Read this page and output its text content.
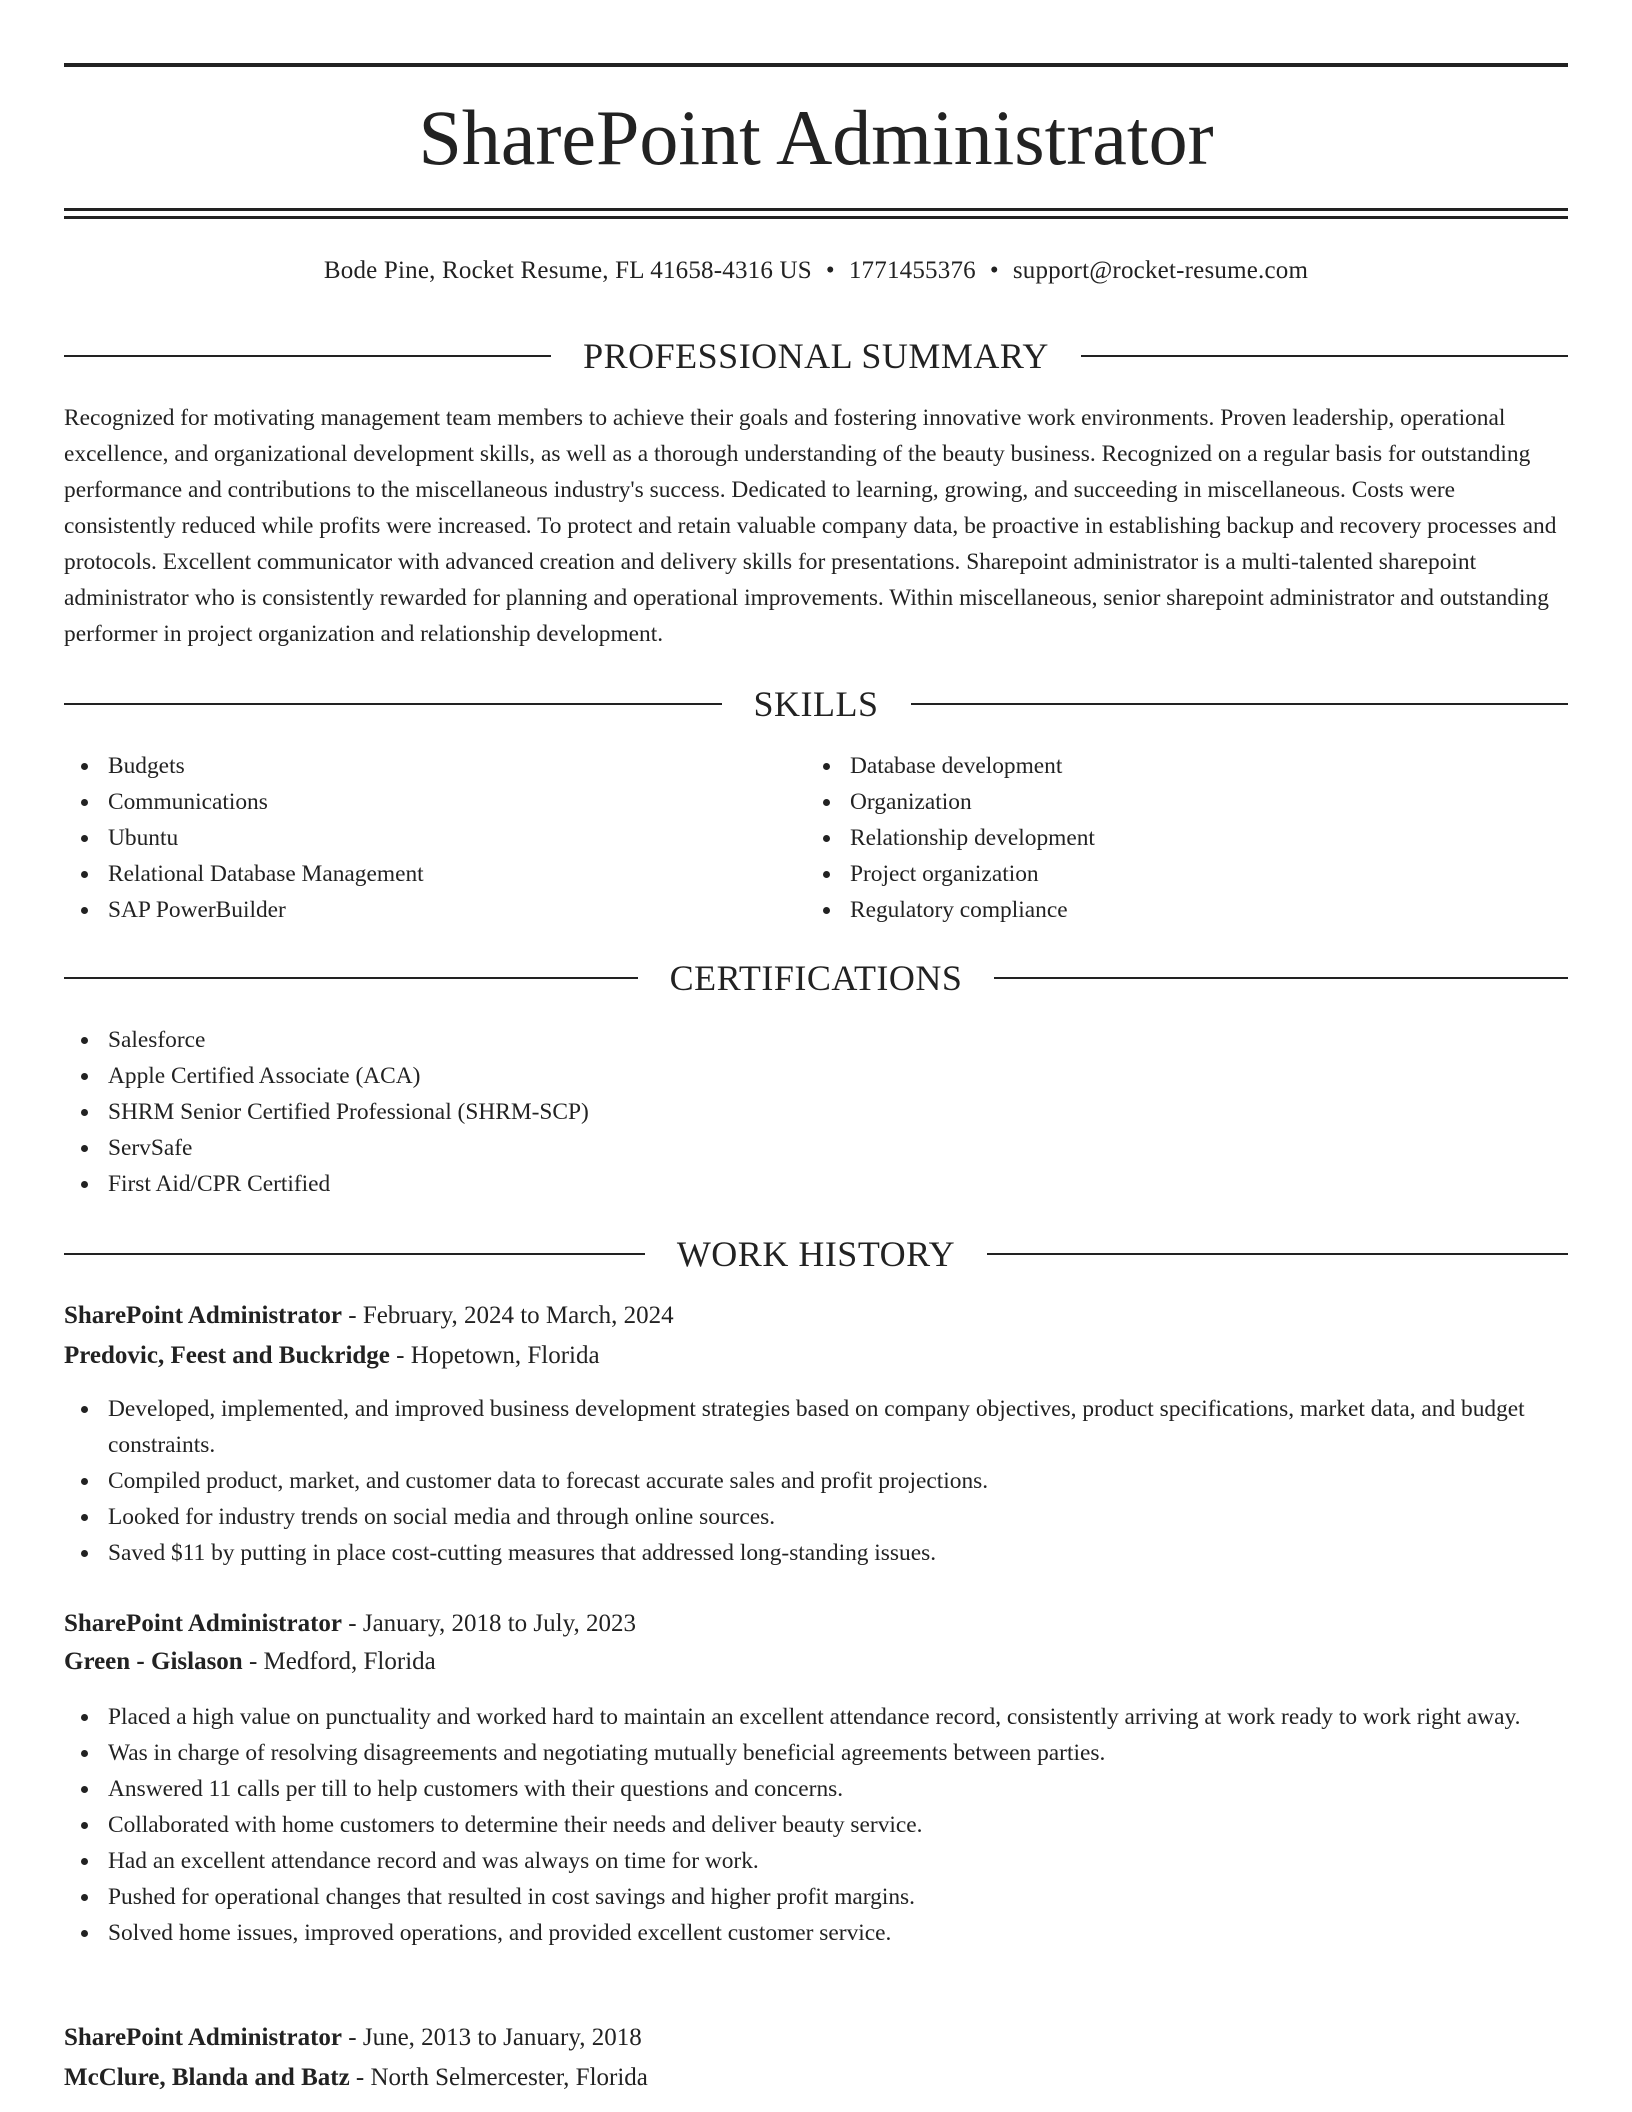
SharePoint Administrator
Bode Pine, Rocket Resume, FL 41658-4316 US • 1771455376 • support@rocket-resume.com
PROFESSIONAL SUMMARY

Recognized for motivating management team members to achieve their goals and fostering innovative work environments. Proven leadership, operational excellence, and organizational development skills, as well as a thorough understanding of the beauty business. Recognized on a regular basis for outstanding performance and contributions to the miscellaneous industry's success. Dedicated to learning, growing, and succeeding in miscellaneous. Costs were consistently reduced while profits were increased. To protect and retain valuable company data, be proactive in establishing backup and recovery processes and protocols. Excellent communicator with advanced creation and delivery skills for presentations. Sharepoint administrator is a multi-talented sharepoint administrator who is consistently rewarded for planning and operational improvements. Within miscellaneous, senior sharepoint administrator and outstanding performer in project organization and relationship development.

SKILLS
Budgets
Communications
Ubuntu
Relational Database Management
SAP PowerBuilder
Database development
Organization
Relationship development
Project organization
Regulatory compliance
CERTIFICATIONS
Salesforce
Apple Certified Associate (ACA)
SHRM Senior Certified Professional (SHRM-SCP)
ServSafe
First Aid/CPR Certified
WORK HISTORY
SharePoint Administrator - February, 2024 to March, 2024
Predovic, Feest and Buckridge - Hopetown, Florida
Developed, implemented, and improved business development strategies based on company objectives, product specifications, market data, and budget constraints.
Compiled product, market, and customer data to forecast accurate sales and profit projections.
Looked for industry trends on social media and through online sources.
Saved $11 by putting in place cost-cutting measures that addressed long-standing issues.
SharePoint Administrator - January, 2018 to July, 2023
Green - Gislason - Medford, Florida
Placed a high value on punctuality and worked hard to maintain an excellent attendance record, consistently arriving at work ready to work right away.
Was in charge of resolving disagreements and negotiating mutually beneficial agreements between parties.
Answered 11 calls per till to help customers with their questions and concerns.
Collaborated with home customers to determine their needs and deliver beauty service.
Had an excellent attendance record and was always on time for work.
Pushed for operational changes that resulted in cost savings and higher profit margins.
Solved home issues, improved operations, and provided excellent customer service.
SharePoint Administrator - June, 2013 to January, 2018
McClure, Blanda and Batz - North Selmercester, Florida
